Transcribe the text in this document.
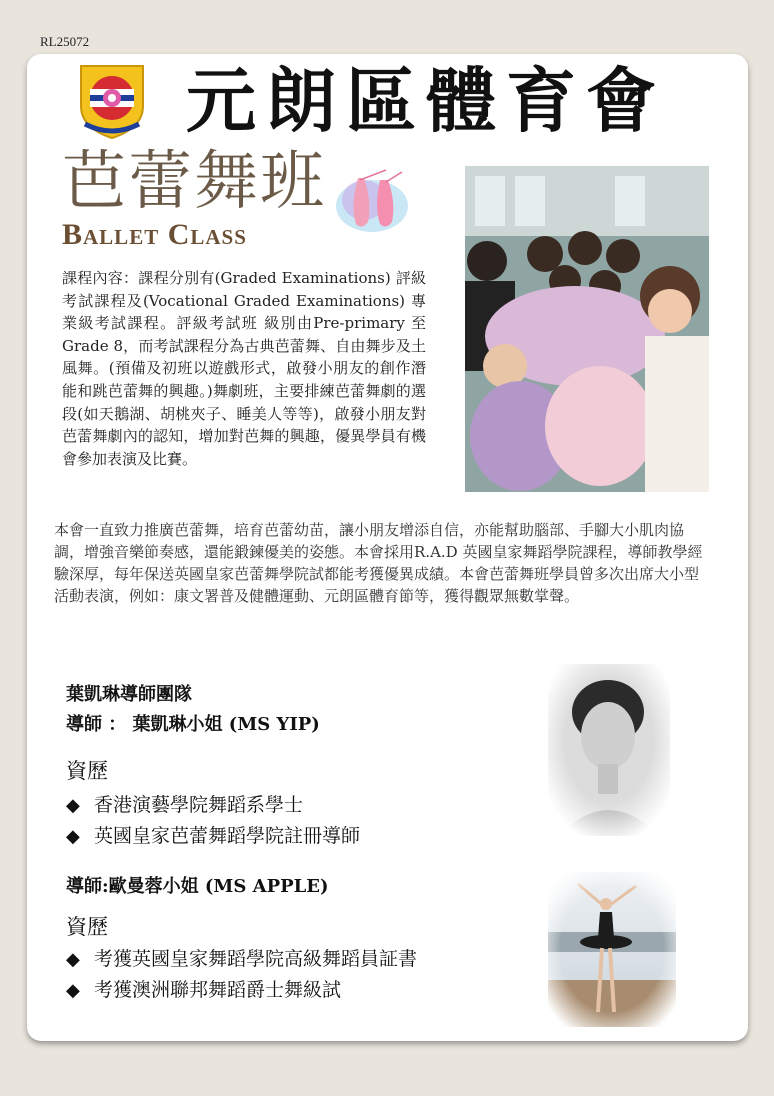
RL25072
元朗區體育會
芭蕾舞班
Ballet Class

課程內容：課程分別有(Graded Examinations) 評級考試課程及(Vocational Graded Examinations) 專業級考試課程。評級考試班 級別由Pre-primary 至 Grade 8，而考試課程分為古典芭蕾舞、自由舞步及土風舞。(預備及初班以遊戲形式，啟發小朋友的創作潛能和跳芭蕾舞的興趣。)舞劇班，主要排練芭蕾舞劇的選段(如天鵝湖、胡桃夾子、睡美人等等)，啟發小朋友對芭蕾舞劇內的認知，增加對芭舞的興趣，優異學員有機會參加表演及比賽。

本會一直致力推廣芭蕾舞，培育芭蕾幼苗，讓小朋友增添自信，亦能幫助腦部、手腳大小肌肉協調，增強音樂節奏感，還能鍛鍊優美的姿態。本會採用R.A.D 英國皇家舞蹈學院課程，導師教學經驗深厚，每年保送英國皇家芭蕾舞學院試都能考獲優異成績。本會芭蕾舞班學員曾多次出席大小型活動表演，例如：康文署普及健體運動、元朗區體育節等，獲得觀眾無數掌聲。

葉凱琳導師團隊
導師 ： 葉凱琳小姐 (MS YIP)
資歷
◆ 香港演藝學院舞蹈系學士
◆ 英國皇家芭蕾舞蹈學院註冊導師
導師:歐曼蓉小姐 (MS APPLE)
資歷
◆ 考獲英國皇家舞蹈學院高級舞蹈員証書
◆ 考獲澳洲聯邦舞蹈爵士舞級試
